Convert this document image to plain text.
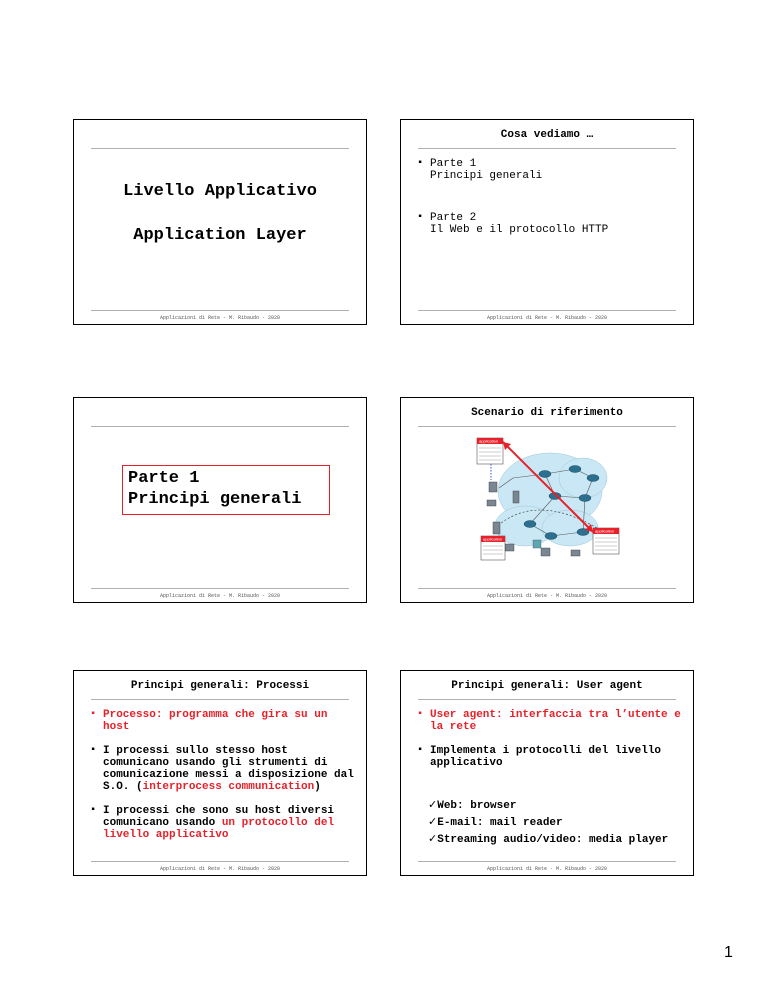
Livello Applicativo
Application Layer
Applicazioni di Rete - M. Ribaudo - 2020
Cosa vediamo …
▪ Parte 1
Principi generali
▪ Parte 2
Il Web e il protocollo HTTP
Applicazioni di Rete - M. Ribaudo - 2020
Parte 1
Principi generali
Applicazioni di Rete - M. Ribaudo - 2020
Scenario di riferimento
application
application
application
Applicazioni di Rete - M. Ribaudo - 2020
Principi generali: Processi
▪ Processo: programma che gira su un host
▪ I processi sullo stesso host comunicano usando gli strumenti di comunicazione messi a disposizione dal S.O. (interprocess communication)
▪ I processi che sono su host diversi comunicano usando un protocollo del livello applicativo
Applicazioni di Rete - M. Ribaudo - 2020
Principi generali: User agent
▪ User agent: interfaccia tra l’utente e la rete
▪ Implementa i protocolli del livello applicativo
✓Web: browser
✓E-mail: mail reader
✓Streaming audio/video: media player
Applicazioni di Rete - M. Ribaudo - 2020
1
